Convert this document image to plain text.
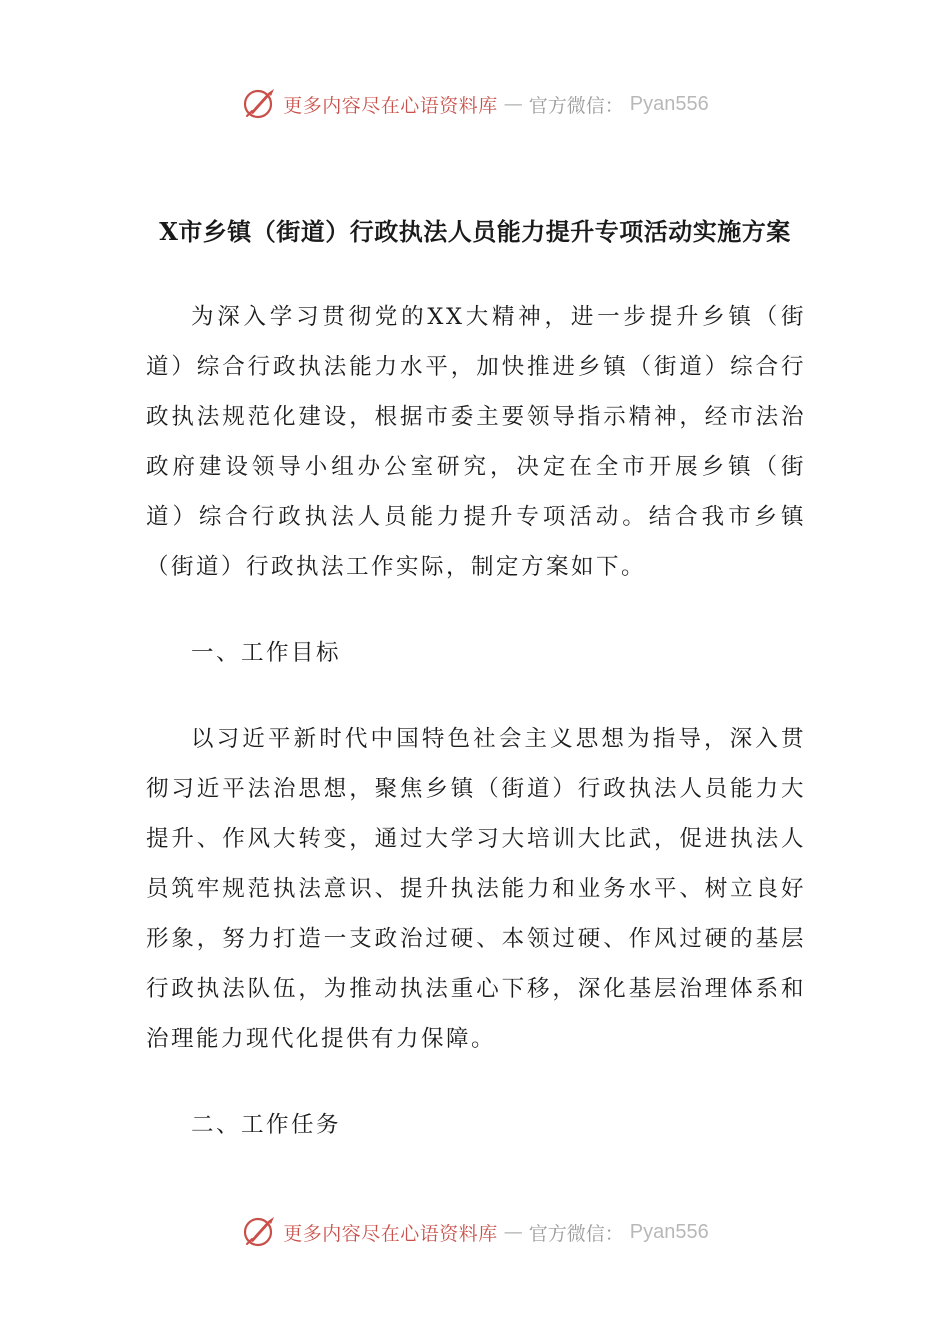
更多内容尽在心语资料库 — 官方微信： Pyan556
X市乡镇（街道）行政执法人员能力提升专项活动实施方案

为深入学习贯彻党的XX大精神，进一步提升乡镇（街道）综合行政执法能力水平，加快推进乡镇（街道）综合行政执法规范化建设，根据市委主要领导指示精神，经市法治政府建设领导小组办公室研究，决定在全市开展乡镇（街道）综合行政执法人员能力提升专项活动。结合我市乡镇（街道）行政执法工作实际，制定方案如下。

一、工作目标

以习近平新时代中国特色社会主义思想为指导，深入贯彻习近平法治思想，聚焦乡镇（街道）行政执法人员能力大提升、作风大转变，通过大学习大培训大比武，促进执法人员筑牢规范执法意识、提升执法能力和业务水平、树立良好形象，努力打造一支政治过硬、本领过硬、作风过硬的基层行政执法队伍，为推动执法重心下移，深化基层治理体系和治理能力现代化提供有力保障。

二、工作任务

更多内容尽在心语资料库 — 官方微信： Pyan556
